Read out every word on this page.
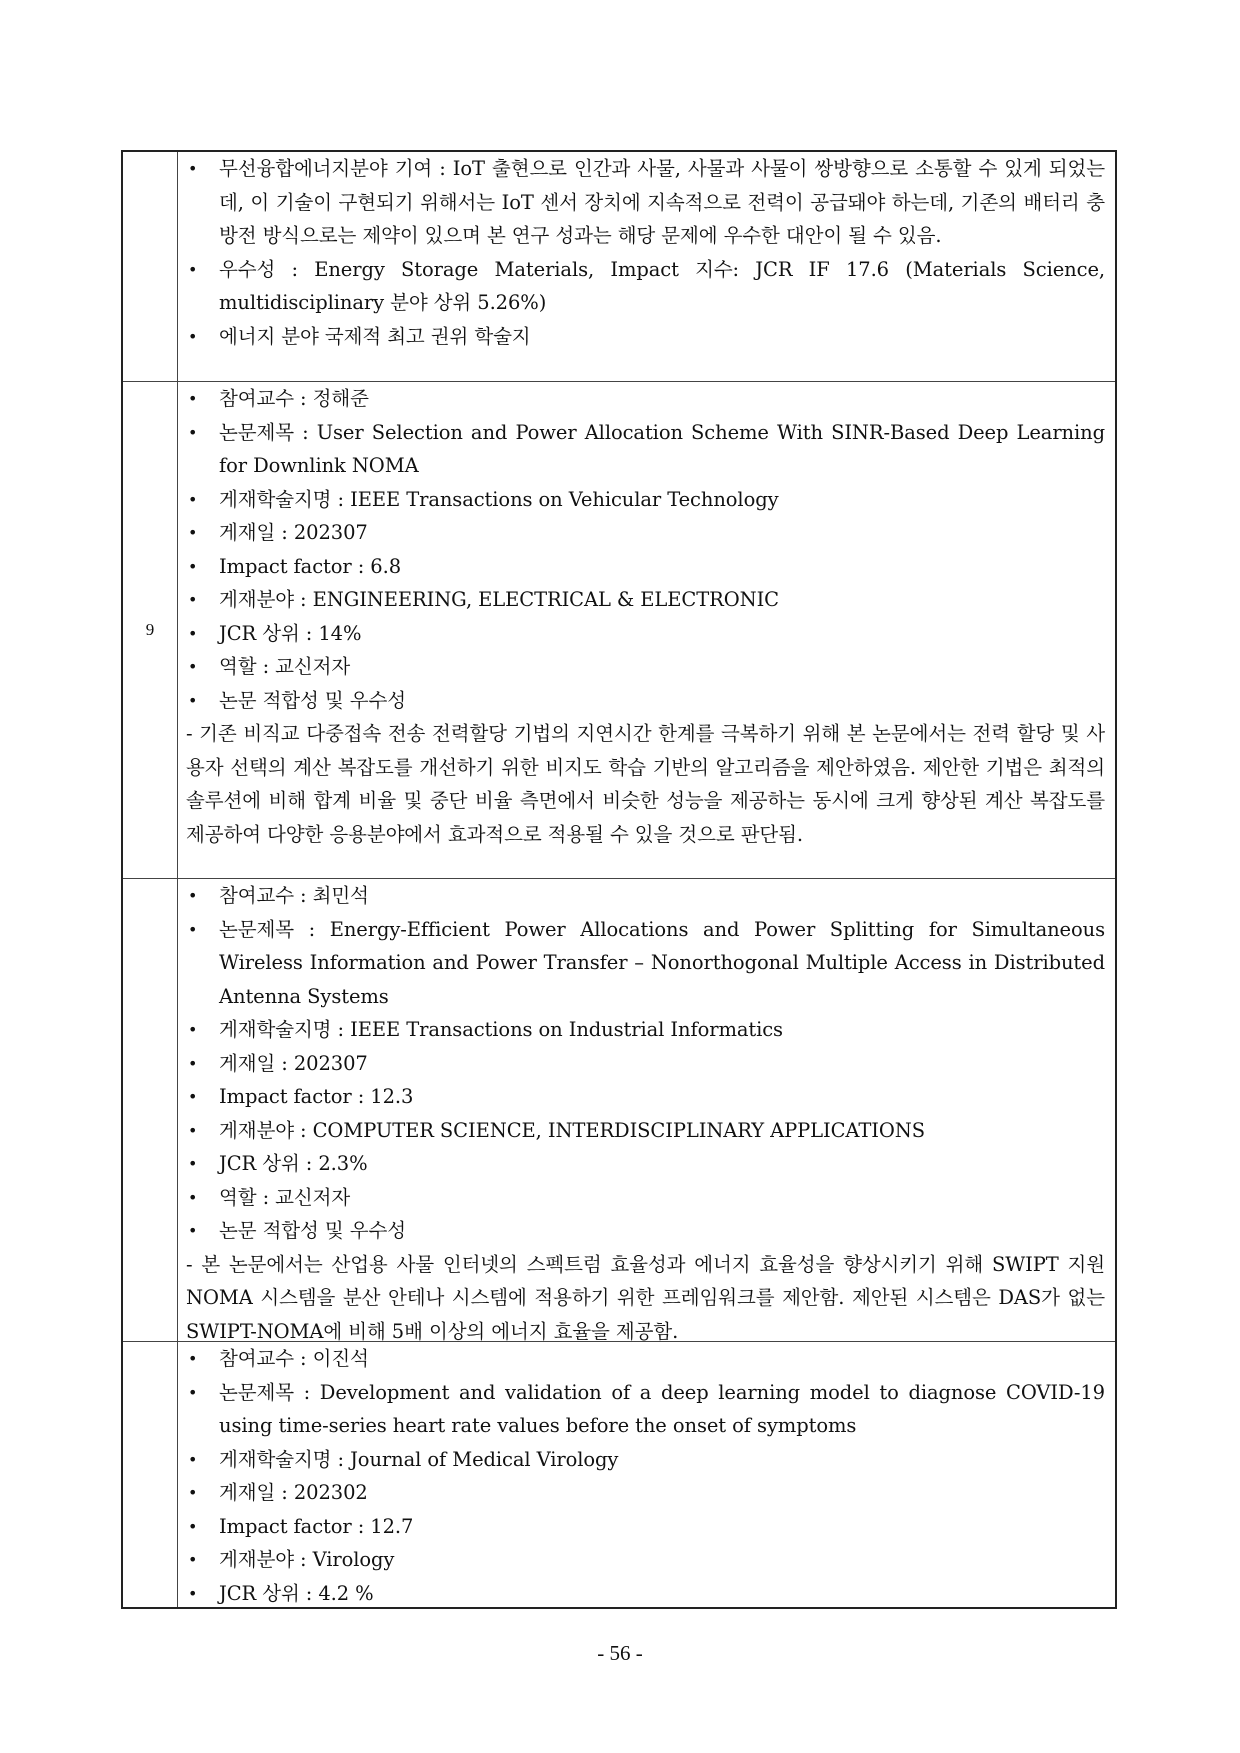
• 무선융합에너지분야 기여 : IoT 출현으로 인간과 사물, 사물과 사물이 쌍방향으로 소통할 수 있게 되었는데, 이 기술이 구현되기 위해서는 IoT 센서 장치에 지속적으로 전력이 공급돼야 하는데, 기존의 배터리 충방전 방식으로는 제약이 있으며 본 연구 성과는 해당 문제에 우수한 대안이 될 수 있음.
• 우수성 : Energy Storage Materials, Impact 지수: JCR IF 17.6 (Materials Science, multidisciplinary 분야 상위 5.26%)
• 에너지 분야 국제적 최고 권위 학술지
9
• 참여교수 : 정해준
• 논문제목 : User Selection and Power Allocation Scheme With SINR-Based Deep Learning for Downlink NOMA
• 게재학술지명 : IEEE Transactions on Vehicular Technology
• 게재일 : 202307
• Impact factor : 6.8
• 게재분야 : ENGINEERING, ELECTRICAL & ELECTRONIC
• JCR 상위 : 14%
• 역할 : 교신저자
• 논문 적합성 및 우수성
- 기존 비직교 다중접속 전송 전력할당 기법의 지연시간 한계를 극복하기 위해 본 논문에서는 전력 할당 및 사용자 선택의 계산 복잡도를 개선하기 위한 비지도 학습 기반의 알고리즘을 제안하였음. 제안한 기법은 최적의 솔루션에 비해 합계 비율 및 중단 비율 측면에서 비슷한 성능을 제공하는 동시에 크게 향상된 계산 복잡도를 제공하여 다양한 응용분야에서 효과적으로 적용될 수 있을 것으로 판단됨.
• 참여교수 : 최민석
• 논문제목 : Energy-Efficient Power Allocations and Power Splitting for Simultaneous Wireless Information and Power Transfer – Nonorthogonal Multiple Access in Distributed Antenna Systems
• 게재학술지명 : IEEE Transactions on Industrial Informatics
• 게재일 : 202307
• Impact factor : 12.3
• 게재분야 : COMPUTER SCIENCE, INTERDISCIPLINARY APPLICATIONS
• JCR 상위 : 2.3%
• 역할 : 교신저자
• 논문 적합성 및 우수성
- 본 논문에서는 산업용 사물 인터넷의 스펙트럼 효율성과 에너지 효율성을 향상시키기 위해 SWIPT 지원 NOMA 시스템을 분산 안테나 시스템에 적용하기 위한 프레임워크를 제안함. 제안된 시스템은 DAS가 없는 SWIPT-NOMA에 비해 5배 이상의 에너지 효율을 제공함.
• 참여교수 : 이진석
• 논문제목 : Development and validation of a deep learning model to diagnose COVID-19 using time-series heart rate values before the onset of symptoms
• 게재학술지명 : Journal of Medical Virology
• 게재일 : 202302
• Impact factor : 12.7
• 게재분야 : Virology
• JCR 상위 : 4.2 %
- 56 -
